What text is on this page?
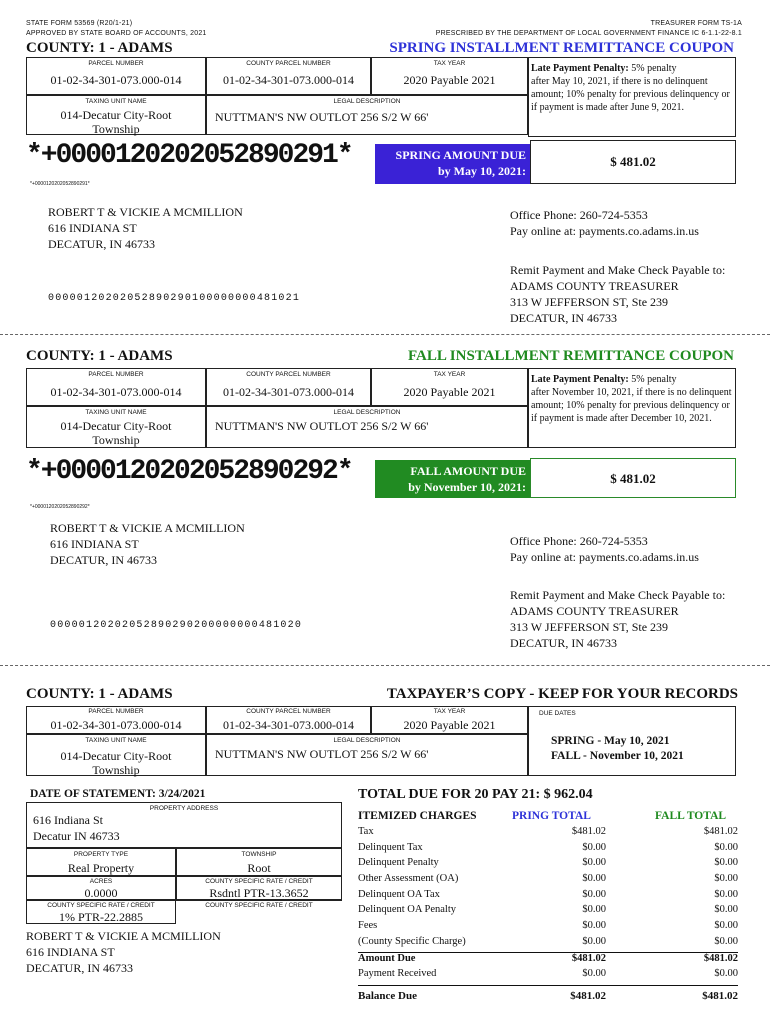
STATE FORM 53569 (R20/1-21)
APPROVED BY STATE BOARD OF ACCOUNTS, 2021
TREASURER FORM TS-1A
PRESCRIBED BY THE DEPARTMENT OF LOCAL GOVERNMENT FINANCE IC 6-1.1-22-8.1
COUNTY: 1 - ADAMS	SPRING INSTALLMENT REMITTANCE COUPON
PARCEL NUMBER
01-02-34-301-073.000-014
COUNTY PARCEL NUMBER
01-02-34-301-073.000-014
TAX YEAR
2020 Payable 2021
Late Payment Penalty: 5% penalty
after May 10, 2021, if there is no delinquent amount; 10% penalty for previous delinquency or if payment is made after June 9, 2021.
TAXING UNIT NAME
014-Decatur City-Root Township
LEGAL DESCRIPTION
NUTTMAN'S NW OUTLOT 256 S/2 W 66'
*+0000120202052890291*	SPRING AMOUNT DUE
by May 10, 2021:
$ 481.02
*+0000120202052890291*
ROBERT T & VICKIE A MCMILLION
616 INDIANA ST
DECATUR, IN 46733
Office Phone: 260-724-5353
Pay online at: payments.co.adams.in.us
00000120202052890290100000000481021
Remit Payment and Make Check Payable to:
ADAMS COUNTY TREASURER
313 W JEFFERSON ST, Ste 239
DECATUR, IN 46733
COUNTY: 1 - ADAMS	FALL INSTALLMENT REMITTANCE COUPON
PARCEL NUMBER
01-02-34-301-073.000-014
COUNTY PARCEL NUMBER
01-02-34-301-073.000-014
TAX YEAR
2020 Payable 2021
Late Payment Penalty: 5% penalty
after November 10, 2021, if there is no delinquent amount; 10% penalty for previous delinquency or if payment is made after December 10, 2021.
TAXING UNIT NAME
014-Decatur City-Root Township
LEGAL DESCRIPTION
NUTTMAN'S NW OUTLOT 256 S/2 W 66'
*+0000120202052890292*	FALL AMOUNT DUE
by November 10, 2021:
$ 481.02
*+0000120202052890292*
ROBERT T & VICKIE A MCMILLION
616 INDIANA ST
DECATUR, IN 46733
Office Phone: 260-724-5353
Pay online at: payments.co.adams.in.us
00000120202052890290200000000481020
Remit Payment and Make Check Payable to:
ADAMS COUNTY TREASURER
313 W JEFFERSON ST, Ste 239
DECATUR, IN 46733
COUNTY: 1 - ADAMS	TAXPAYER’S COPY - KEEP FOR YOUR RECORDS
PARCEL NUMBER
01-02-34-301-073.000-014
COUNTY PARCEL NUMBER
01-02-34-301-073.000-014
TAX YEAR
2020 Payable 2021
DUE DATES
SPRING - May 10, 2021
FALL - November 10, 2021
TAXING UNIT NAME
014-Decatur City-Root Township
LEGAL DESCRIPTION
NUTTMAN'S NW OUTLOT 256 S/2 W 66'
DATE OF STATEMENT: 3/24/2021	TOTAL DUE FOR 20 PAY 21: $ 962.04
PROPERTY ADDRESS
616 Indiana St
Decatur IN 46733
PROPERTY TYPE
Real Property
TOWNSHIP
Root
ACRES
0.0000
COUNTY SPECIFIC RATE / CREDIT
Rsdntl PTR-13.3652
COUNTY SPECIFIC RATE / CREDIT
1% PTR-22.2885
COUNTY SPECIFIC RATE / CREDIT
ROBERT T & VICKIE A MCMILLION
616 INDIANA ST
DECATUR, IN 46733
ITEMIZED CHARGES	PRING TOTAL	FALL TOTAL
Tax	$481.02	$481.02
Delinquent Tax	$0.00	$0.00
Delinquent Penalty	$0.00	$0.00
Other Assessment (OA)	$0.00	$0.00
Delinquent OA Tax	$0.00	$0.00
Delinquent OA Penalty	$0.00	$0.00
Fees	$0.00	$0.00
(County Specific Charge)	$0.00	$0.00
Amount Due	$481.02	$481.02
Payment Received	$0.00	$0.00
Balance Due	$481.02	$481.02
